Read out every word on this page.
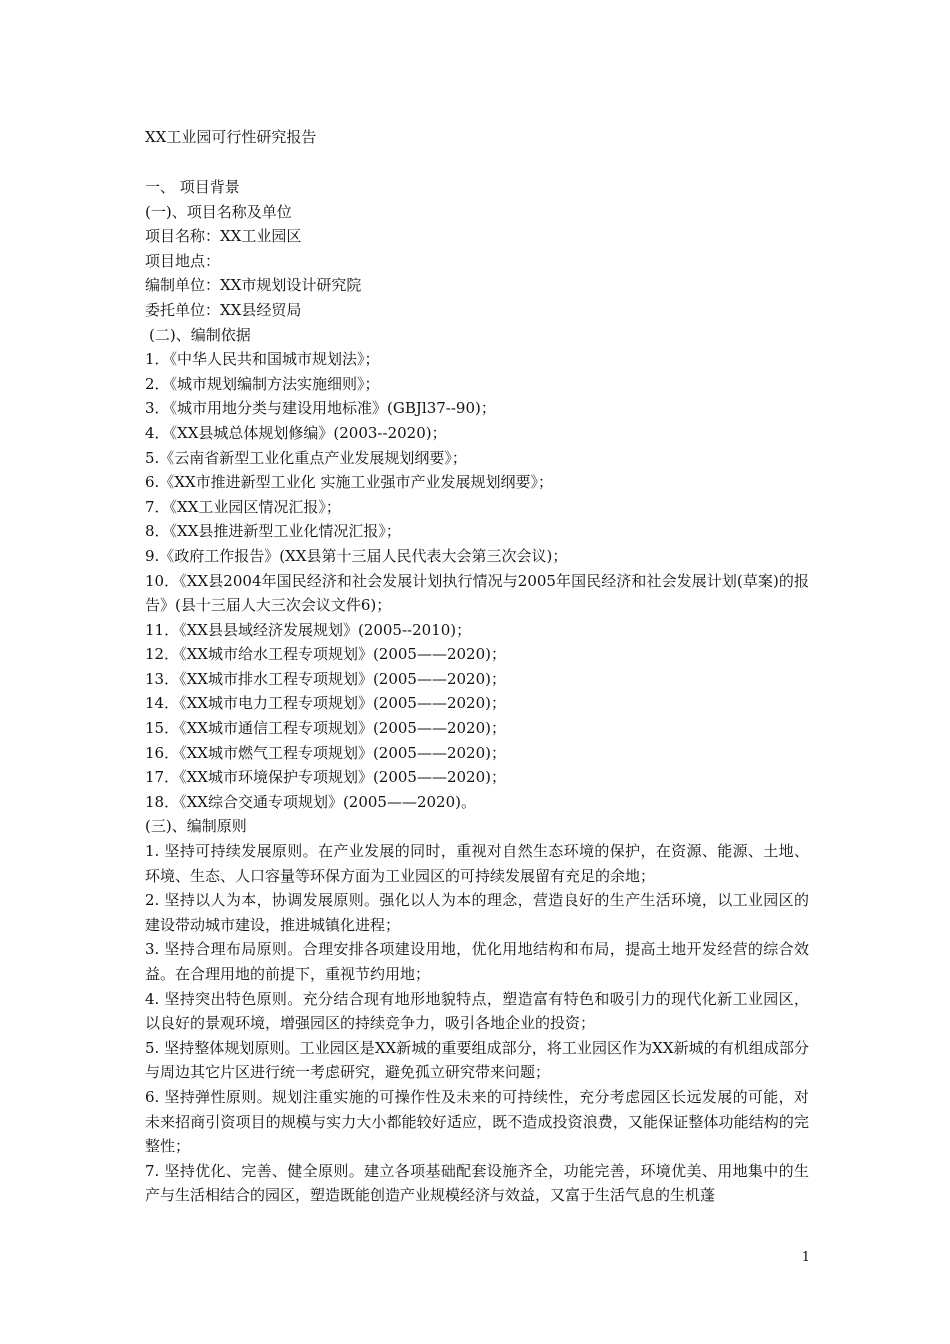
XX工业园可行性研究报告
一、 项目背景
(一)、项目名称及单位
项目名称：XX工业园区
项目地点：
编制单位：XX市规划设计研究院
委托单位：XX县经贸局
(二)、编制依据
1．《中华人民共和国城市规划法》；
2．《城市规划编制方法实施细则》；
3．《城市用地分类与建设用地标准》(GBJl37--90)；
4．《XX县城总体规划修编》(2003--2020)；
5.《云南省新型工业化重点产业发展规划纲要》；
6.《XX市推进新型工业化 实施工业强市产业发展规划纲要》；
7．《XX工业园区情况汇报》；
8．《XX县推进新型工业化情况汇报》；
9.《政府工作报告》(XX县第十三届人民代表大会第三次会议)；
10．《XX县2004年国民经济和社会发展计划执行情况与2005年国民经济和社会发展计划(草案)的报告》(县十三届人大三次会议文件6)；
11．《XX县县域经济发展规划》(2005--2010)；
12．《XX城市给水工程专项规划》(2005——2020)；
13．《XX城市排水工程专项规划》(2005——2020)；
14．《XX城市电力工程专项规划》(2005——2020)；
15．《XX城市通信工程专项规划》(2005——2020)；
16．《XX城市燃气工程专项规划》(2005——2020)；
17．《XX城市环境保护专项规划》(2005——2020)；
18．《XX综合交通专项规划》(2005——2020)。
(三)、编制原则
1. 坚持可持续发展原则。在产业发展的同时，重视对自然生态环境的保护，在资源、能源、土地、环境、生态、人口容量等环保方面为工业园区的可持续发展留有充足的余地；
2. 坚持以人为本，协调发展原则。强化以人为本的理念，营造良好的生产生活环境，以工业园区的建设带动城市建设，推进城镇化进程；
3. 坚持合理布局原则。合理安排各项建设用地，优化用地结构和布局，提高土地开发经营的综合效益。在合理用地的前提下，重视节约用地；
4. 坚持突出特色原则。充分结合现有地形地貌特点，塑造富有特色和吸引力的现代化新工业园区，以良好的景观环境，增强园区的持续竞争力，吸引各地企业的投资；
5. 坚持整体规划原则。工业园区是XX新城的重要组成部分，将工业园区作为XX新城的有机组成部分与周边其它片区进行统一考虑研究，避免孤立研究带来问题；
6. 坚持弹性原则。规划注重实施的可操作性及未来的可持续性，充分考虑园区长远发展的可能，对未来招商引资项目的规模与实力大小都能较好适应，既不造成投资浪费，又能保证整体功能结构的完整性；
7. 坚持优化、完善、健全原则。建立各项基础配套设施齐全，功能完善，环境优美、用地集中的生产与生活相结合的园区，塑造既能创造产业规模经济与效益，又富于生活气息的生机蓬
1
